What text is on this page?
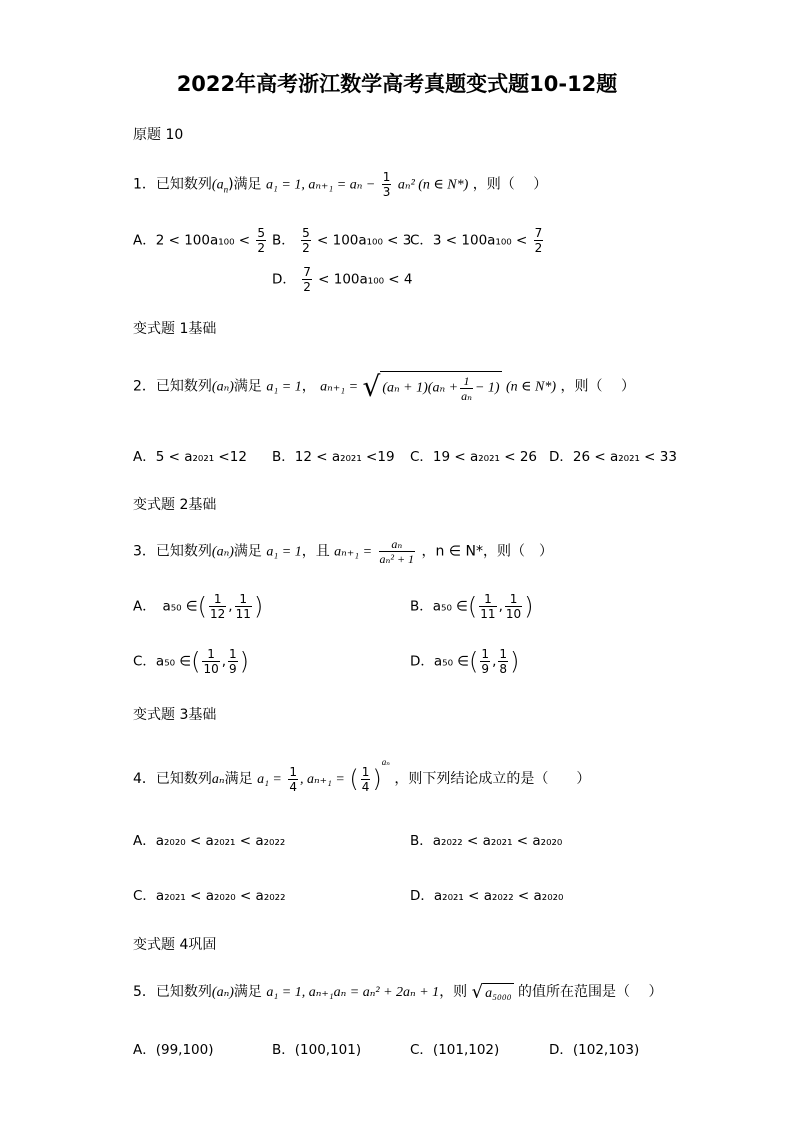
2022年高考浙江数学高考真题变式题10-12题
原题 10
1．已知数列$(a_n)$满足 a₁ = 1, $a_{n+1} = a_n - \frac{1}{3} a_n^2$ (n ∈ N*) ，则（　 ）
A．$2 < 100a_{100} < \frac{5}{2}$ B． $\frac{5}{2} < 100a_{100} < 3$
C．$3 < 100a_{100} < \frac{7}{2}$
D． $\frac{7}{2} < 100a_{100} < 4$
变式题 1基础
2．已知数列(aₙ)满足 a₁ = 1， aₙ₊₁ = √ $(a_n + 1)(a_n + \frac{1}{\text{aₙ}} - 1)$ (n ∈ N*) ，则（　 ）
A．5 < a₂₀₂₁ <12 B．12 < a₂₀₂₁ <19 C．19 < a₂₀₂₁ < 26 D．26 < a₂₀₂₁ < 33
变式题 2基础
3．已知数列(aₙ)满足 a₁ = 1，且 $a_{n+1} = \frac{\text{aₙ}}{\text{aₙ² + 1}}$ ，n ∈ N*，则（　）
A．　a₅₀ ∈( $\frac{1}{12}$ , $\frac{1}{11}$ )	B．a₅₀ ∈( $\frac{1}{11}$ , $\frac{1}{10}$ )
C．a₅₀ ∈( $\frac{1}{10}$ , $\frac{1}{9}$ )	D．a₅₀ ∈( $\frac{1}{9}$ , $\frac{1}{8}$ )
变式题 3基础
4．已知数列aₙ满足 $a_1 = \frac{1}{4}$ , aₙ₊₁ = ( $\frac{1}{4} )^{a_n}$ ，则下列结论成立的是（　　）
A．a₂₀₂₀ < a₂₀₂₁ < a₂₀₂₂	B．a₂₀₂₂ < a₂₀₂₁ < a₂₀₂₀
C．a₂₀₂₁ < a₂₀₂₀ < a₂₀₂₂	D．a₂₀₂₁ < a₂₀₂₂ < a₂₀₂₀
变式题 4巩固
5．已知数列(aₙ)满足 a₁ = 1, aₙ₊₁aₙ = aₙ² + 2aₙ + 1，则 √ a₅₀₀₀ 的值所在范围是（　 ）
A．(99,100)	B．(100,101)	C．(101,102)	D．(102,103)
